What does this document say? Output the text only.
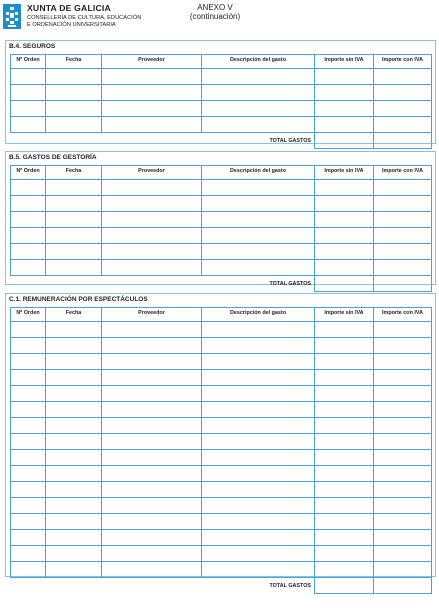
XUNTA DE GALICIA
CONSELLERÍA DE CULTURA, EDUCACIÓN
E ORDENACIÓN UNIVERSITARIA
ANEXO V
(continuación)
B.4. SEGUROS
Nº Orden	Fecha	Proveedor	Descripción del gasto	Importe sin IVA	Importe con IVA

TOTAL GASTOS					
B.5. GASTOS DE GESTORÍA
Nº Orden	Fecha	Proveedor	Descripción del gasto	Importe sin IVA	Importe con IVA

TOTAL GASTOS					
C.1. REMUNERACIÓN POR ESPECTÁCULOS
Nº Orden	Fecha	Proveedor	Descripción del gasto	Importe sin IVA	Importe con IVA

TOTAL GASTOS					
